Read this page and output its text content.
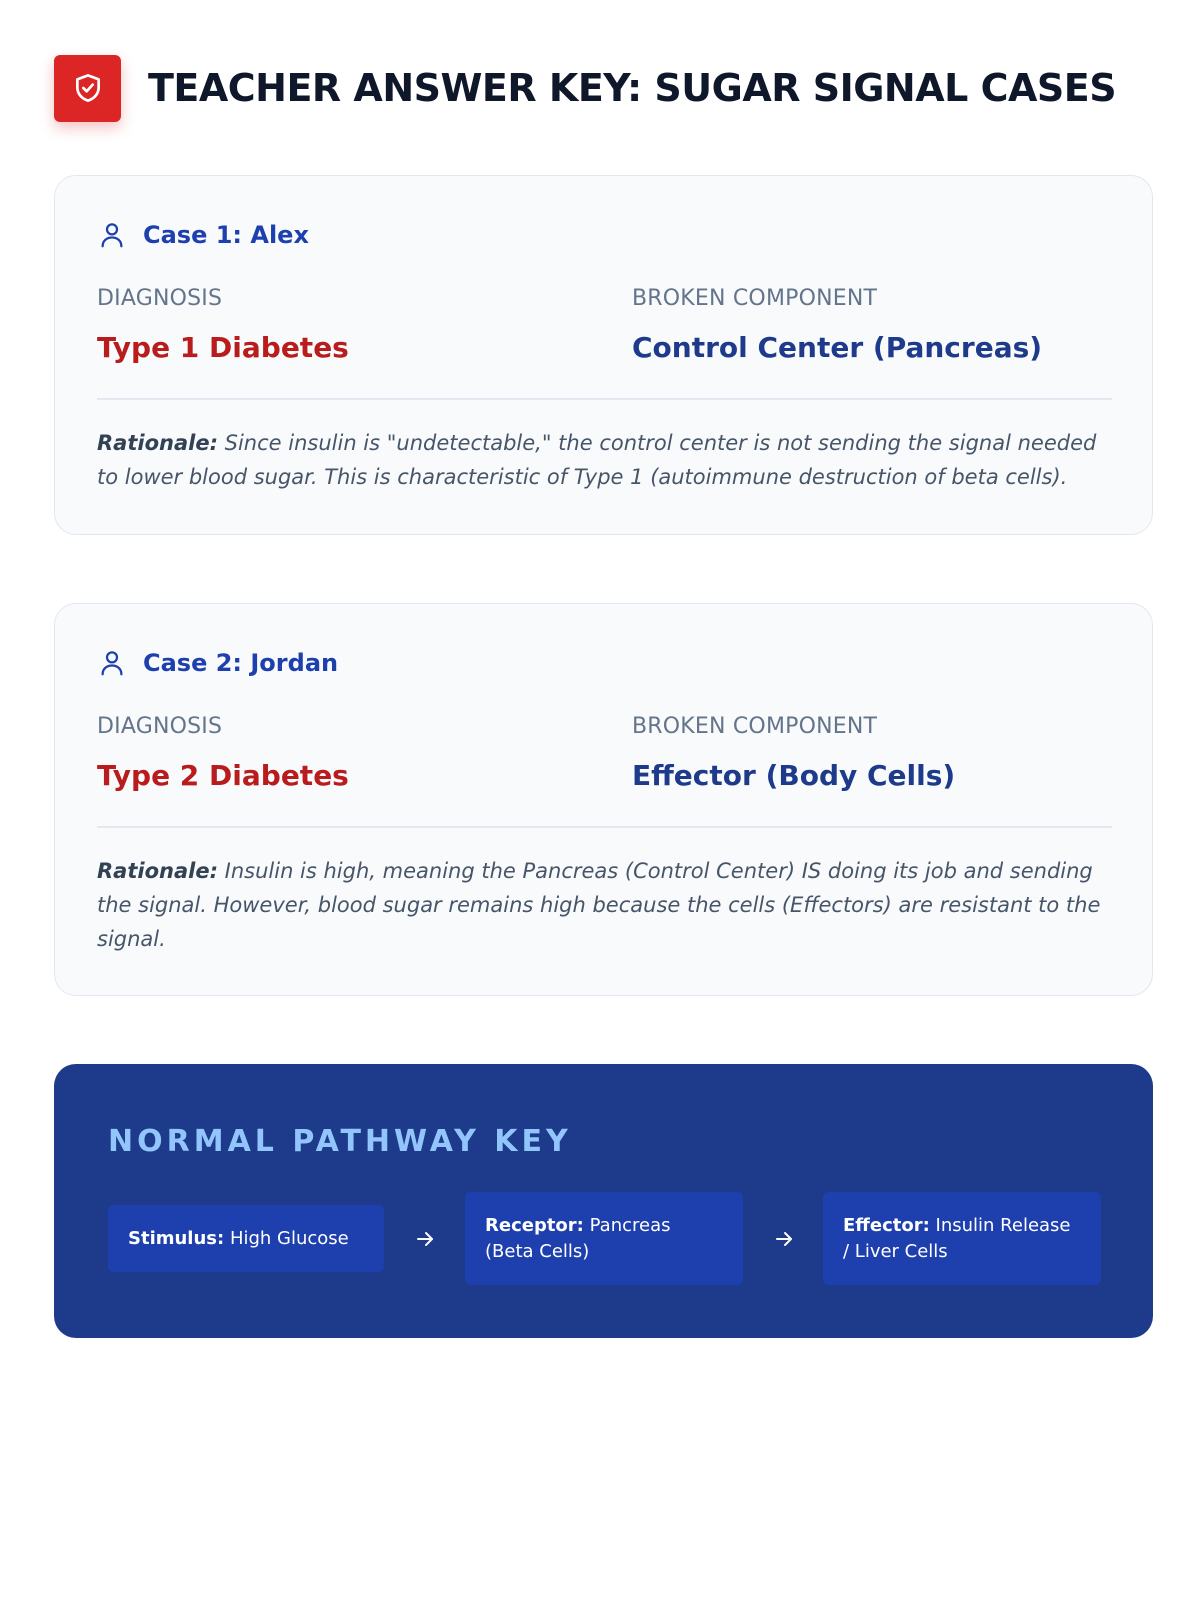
TEACHER ANSWER KEY: SUGAR SIGNAL CASES
Case 1: Alex
DIAGNOSIS
Type 1 Diabetes
BROKEN COMPONENT
Control Center (Pancreas)

Rationale: Since insulin is "undetectable," the control center is not sending the signal needed to lower blood sugar. This is characteristic of Type 1 (autoimmune destruction of beta cells).

Case 2: Jordan
DIAGNOSIS
Type 2 Diabetes
BROKEN COMPONENT
Effector (Body Cells)

Rationale: Insulin is high, meaning the Pancreas (Control Center) IS doing its job and sending the signal. However, blood sugar remains high because the cells (Effectors) are resistant to the signal.

NORMAL PATHWAY KEY
Stimulus: High Glucose
Receptor: Pancreas (Beta Cells)
Effector: Insulin Release / Liver Cells
